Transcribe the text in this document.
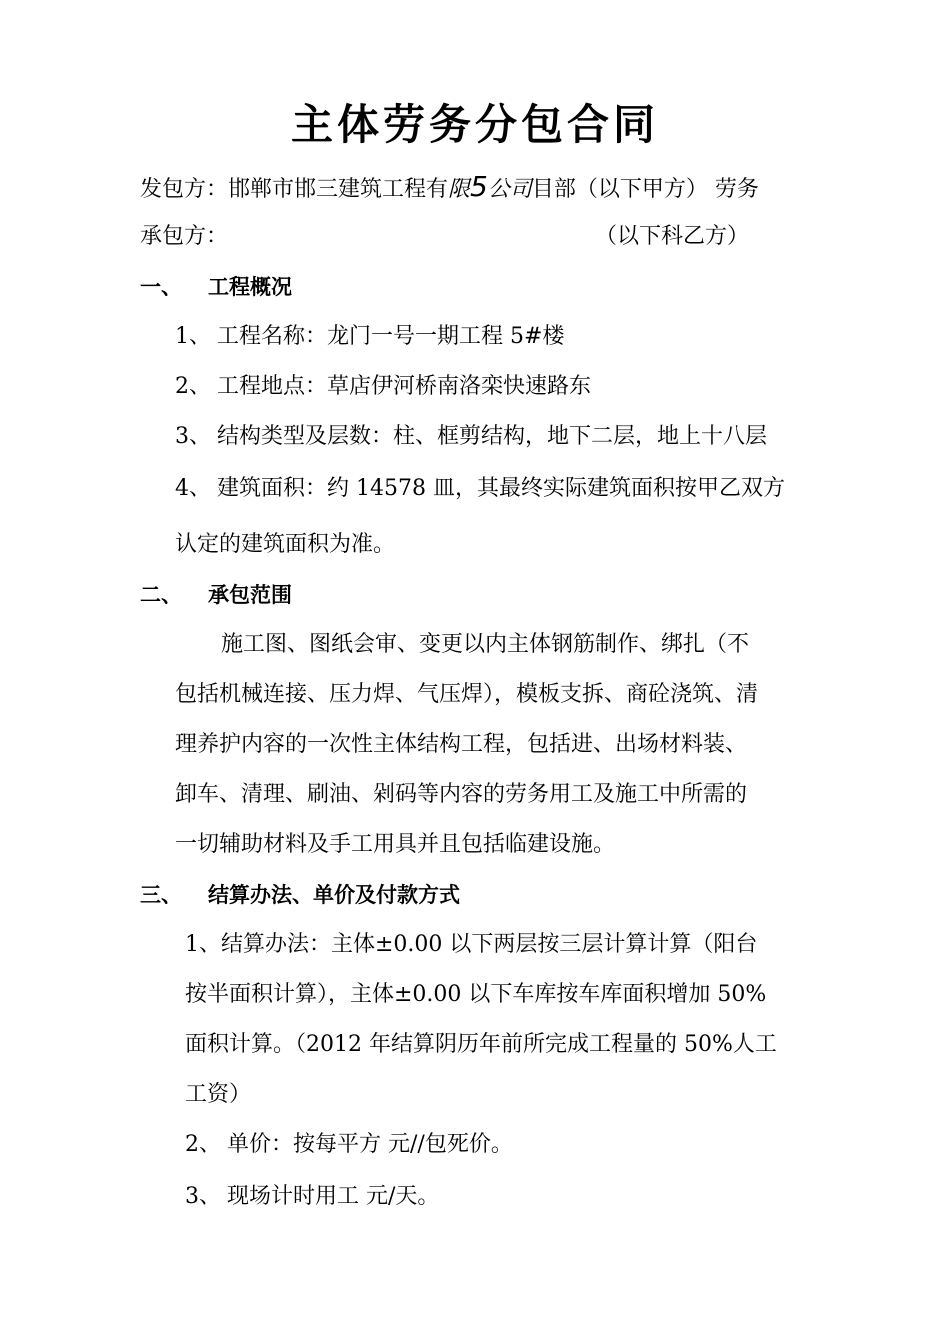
主体劳务分包合同
发包方：邯郸市邯三建筑工程有限5公司目部（以下甲方） 劳务
承包方：	（以下科乙方）
一、 工程概况
1、 工程名称：龙门一号一期工程 5#楼
2、 工程地点：草店伊河桥南洛栾快速路东
3、 结构类型及层数：柱、框剪结构，地下二层，地上十八层
4、 建筑面积：约 14578 皿，其最终实际建筑面积按甲乙双方
认定的建筑面积为准。
二、 承包范围
施工图、图纸会审、变更以内主体钢筋制作、绑扎（不
包括机械连接、压力焊、气压焊），模板支拆、商砼浇筑、清
理养护内容的一次性主体结构工程，包括进、出场材料装、
卸车、清理、刷油、剁码等内容的劳务用工及施工中所需的
一切辅助材料及手工用具并且包括临建设施。
三、 结算办法、单价及付款方式
1、结算办法：主体±0.00 以下两层按三层计算计算（阳台
按半面积计算），主体±0.00 以下车库按车库面积增加 50%
面积计算。（2012 年结算阴历年前所完成工程量的 50%人工
工资）
2、 单价：按每平方 元//包死价。
3、 现场计时用工 元/天。
